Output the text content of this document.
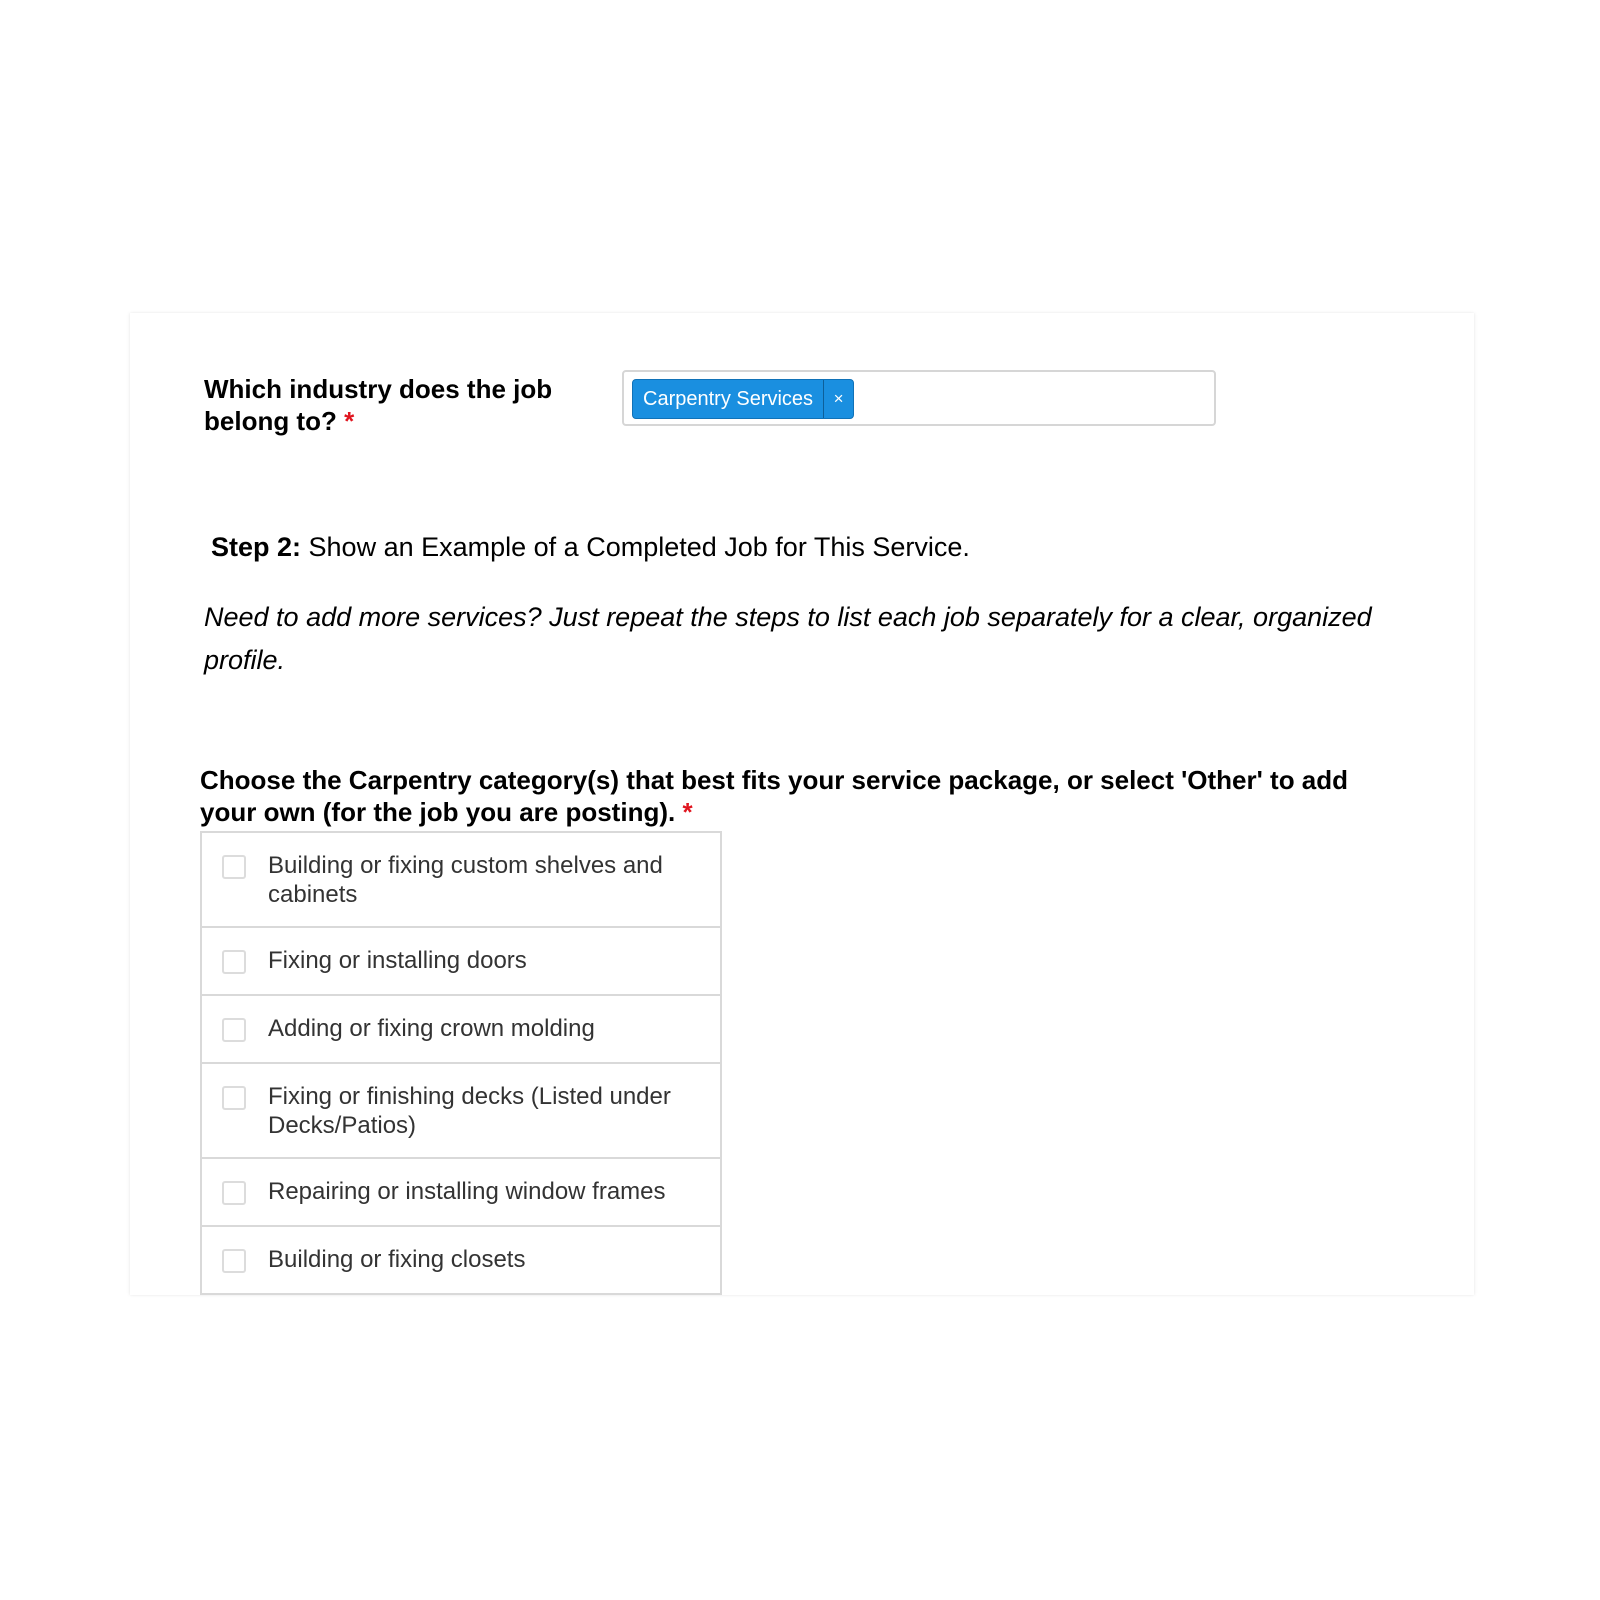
Which industry does the job belong to? *
Carpentry Services	×
Step 2: Show an Example of a Completed Job for This Service.
Need to add more services? Just repeat the steps to list each job separately for a clear, organized profile.
Choose the Carpentry category(s) that best fits your service package, or select 'Other' to add your own (for the job you are posting). *
Building or fixing custom shelves and cabinets
Fixing or installing doors
Adding or fixing crown molding
Fixing or finishing decks (Listed under Decks/Patios)
Repairing or installing window frames
Building or fixing closets
